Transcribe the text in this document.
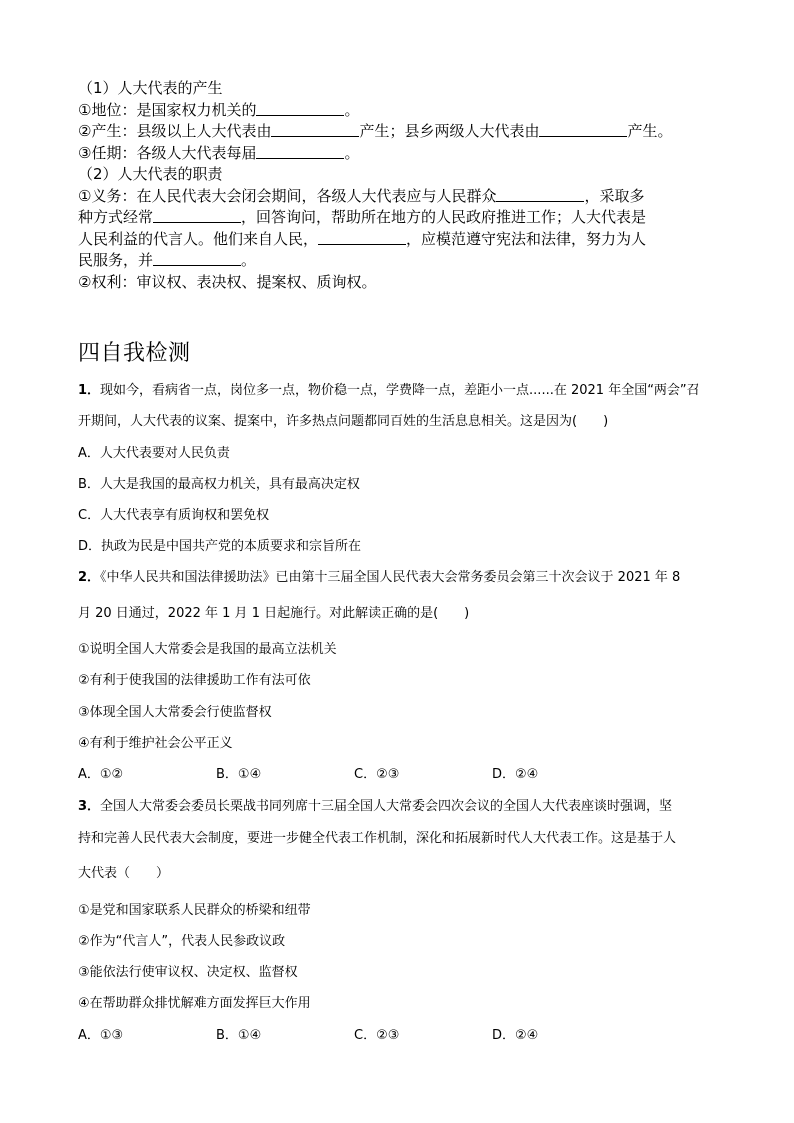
（1）人大代表的产生
①地位：是国家权力机关的	。
②产生：县级以上人大代表由	产生；县乡两级人大代表由	产生。
③任期：各级人大代表每届	。
（2）人大代表的职责
①义务：在人民代表大会闭会期间，各级人大代表应与人民群众	，采取多
种方式经常	，回答询问，帮助所在地方的人民政府推进工作；人大代表是
人民利益的代言人。他们来自人民，	，应模范遵守宪法和法律，努力为人
民服务，并	。
②权利：审议权、表决权、提案权、质询权。
四自我检测
1．现如今，看病省一点，岗位多一点，物价稳一点，学费降一点，差距小一点......在 2021 年全国“两会”召
开期间，人大代表的议案、提案中，许多热点问题都同百姓的生活息息相关。这是因为(　　)
A．人大代表要对人民负责
B．人大是我国的最高权力机关，具有最高决定权
C．人大代表享有质询权和罢免权
D．执政为民是中国共产党的本质要求和宗旨所在
2．《中华人民共和国法律援助法》已由第十三届全国人民代表大会常务委员会第三十次会议于 2021 年 8
月 20 日通过，2022 年 1 月 1 日起施行。对此解读正确的是(　　)
①说明全国人大常委会是我国的最高立法机关
②有利于使我国的法律援助工作有法可依
③体现全国人大常委会行使监督权
④有利于维护社会公平正义
A．①②	B．①④	C．②③	D．②④
3．全国人大常委会委员长栗战书同列席十三届全国人大常委会四次会议的全国人大代表座谈时强调，坚
持和完善人民代表大会制度，要进一步健全代表工作机制，深化和拓展新时代人大代表工作。这是基于人
大代表（　　）
①是党和国家联系人民群众的桥梁和纽带
②作为“代言人”，代表人民参政议政
③能依法行使审议权、决定权、监督权
④在帮助群众排忧解难方面发挥巨大作用
A．①③	B．①④	C．②③	D．②④
